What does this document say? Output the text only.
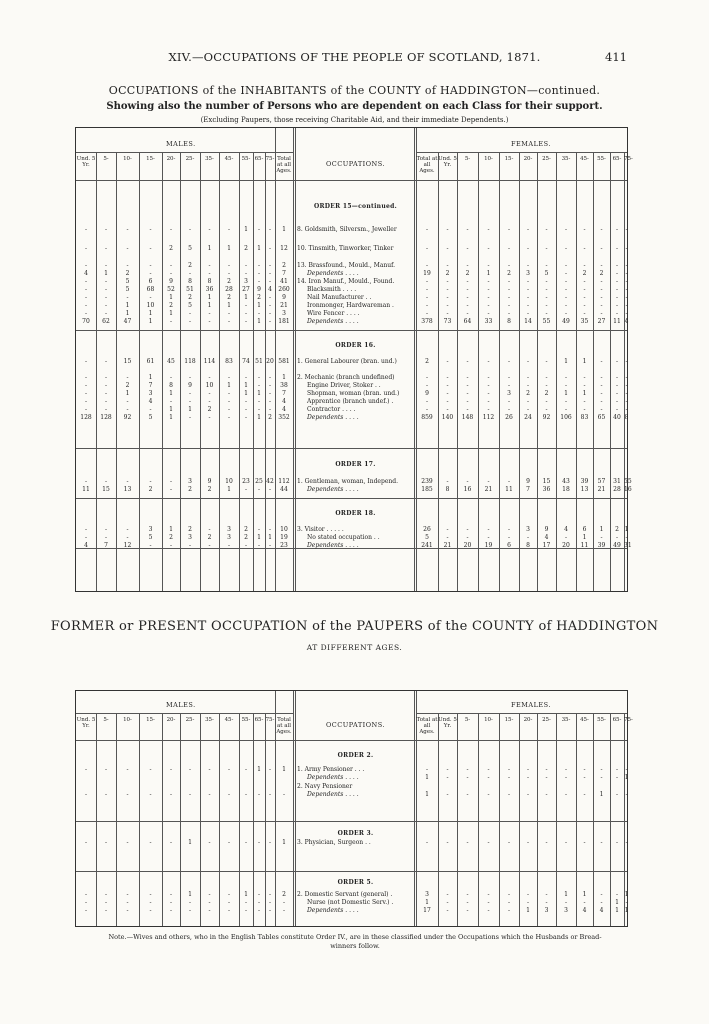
XIV.—OCCUPATIONS OF THE PEOPLE OF SCOTLAND, 1871.	411
OCCUPATIONS of the INHABITANTS of the COUNTY of HADDINGTON—continued.
Showing also the number of Persons who are dependent on each Class for their support.
(Excluding Paupers, those receiving Charitable Aid, and their immediate Dependents.)
MALES.	FEMALES.
OCCUPATIONS.
Und. 5 Yr.
5-	10-	15-	20-	25-	35-	45-	55- 65- 75- Total at all Ages.
Total at all Ages.
Und. 5 Yr.
5-	10-	15-	20-	25-	35-	45-	55-	65- 75-
ORDER 15—continued.
ORDER 16.
ORDER 17.
ORDER 18.
-	-	-	-	-	-	-	-	1	-	-	1	8. Goldsmith, Silversm., Jeweller	-	-	-	-	-	-	-	-	-	-	-	-
-	-	-	-	2	5	1	1	2	1	-	12	10. Tinsmith, Tinworker, Tinker	-	-	-	-	-	-	-	-	-	-	-	-
-	-	-	-	-	2	-	-	-	-	-	2	13. Brassfound., Mould., Manuf.	-	-	-	-	-	-	-	-	-	-	-	-
4	1	2	-	-	-	-	-	-	-	-	7	Dependents . . . .	19	2	2	1	2	3	5	-	2	2	-	-
-	-	5	6	9	8	8	2	3	-	-	41	14. Iron Manuf., Mould., Found.	-	-	-	-	-	-	-	-	-	-	-	-
-	-	5	68	52	51	36	28	27	9	4	260	Blacksmith . . . .	-	-	-	-	-	-	-	-	-	-	-	-
-	-	-	-	1	2	1	2	1	2	-	9	Nail Manufacturer . .	-	-	-	-	-	-	-	-	-	-	-	-
-	-	1	10	2	5	1	1	-	1	-	21	Ironmonger, Hardwareman .	-	-	-	-	-	-	-	-	-	-	-	-
-	-	1	1	1	-	-	-	-	-	-	3	Wire Fencer . . . .	-	-	-	-	-	-	-	-	-	-	-	-
70	62	47	1	-	-	-	-	-	1	-	181	Dependents . . . .	378	73	64	33	8	14	55	49	35	27	11 4
-	-	15	61	45	118	114	83	74 51 20 581	1. General Labourer (bran. und.)	2	-	-	-	-	-	-	1	1	-	-	-
-	-	-	1	-	-	-	-	-	-	-	1	2. Mechanic (branch undefined)	-	-	-	-	-	-	-	-	-	-	-	-
-	-	2	7	8	9	10	1	1	-	-	38	Engine Driver, Stoker . .	-	-	-	-	-	-	-	-	-	-	-	-
-	-	1	3	1	-	-	-	1	1	-	7	Shopman, woman (bran. und.)	9	-	-	-	3	2	2	1	1	-	-	-
-	-	-	4	-	-	-	-	-	-	-	4	Apprentice (branch undef.) .	-	-	-	-	-	-	-	-	-	-	-	-
-	-	-	-	1	1	2	-	-	-	-	4	Contractor . . . .	-	-	-	-	-	-	-	-	-	-	-	-
128	128	92	5	1	-	-	-	-	1	2	352	Dependents . . . .	859	140	148	112	26	24	92	106	83	65	40 8
-	-	-	-	-	3	9	10	23 25 42 112	1. Gentleman, woman, Independ.	239	-	-	-	-	9	15	43	39	57	31 55
11	15	13	2	-	2	2	1	-	-	-	44	Dependents . . . .	185	8	16	21	11	7	36	18	13	21	28 16
-	-	-	3	1	2	-	3	2	-	-	10	3. Visitor . . . . .	26	-	-	-	-	3	9	4	6	1	2 1
-	-	-	5	2	3	2	3	2	1	1	19	No stated occupation . .	5	-	-	-	-	-	4	-	1	-	-	-
4	7	12	-	-	-	-	-	-	-	-	23	Dependents . . . .	241	21	20	19	6	8	17	20	11	39	49 31
FORMER or PRESENT OCCUPATION of the PAUPERS of the COUNTY of HADDINGTON
AT DIFFERENT AGES.
MALES.	FEMALES.
OCCUPATIONS.
Und. 5 Yr.
5-	10-	15-	20-	25-	35-	45-	55- 65- 75- Total at all Ages.
Total at all Ages.
Und. 5 Yr.
5-	10-	15-	20-	25-	35-	45-	55-	65- 75-
ORDER 2.
ORDER 3.
ORDER 5.
-	-	-	-	-	-	-	-	-	1	-	1	1. Army Pensioner . . .	-	-	-	-	-	-	-	-	-	-	-	-
Dependents . . . .	1	-	-	-	-	-	-	-	-	-	-	1
2. Navy Pensioner
-	-	-	-	-	-	-	-	-	-	-	-	Dependents . . . .	1	-	-	-	-	-	-	-	-	1	-	-
-	-	-	-	-	1	-	-	-	-	-	1	3. Physician, Surgeon . .	-	-	-	-	-	-	-	-	-	-	-	-
-	-	-	-	-	1	-	-	1	-	-	2	2. Domestic Servant (general) .	3	-	-	-	-	-	-	1	1	-	-	1
-	-	-	-	-	-	-	-	-	-	-	-	Nurse (not Domestic Serv.) .	1	-	-	-	-	-	-	-	-	-	1	-
-	-	-	-	-	-	-	-	-	-	-	-	Dependents . . . .	17	-	-	-	-	1	3	3	4	4	1 1
Note.—Wives and others, who in the English Tables constitute Order IV., are in these classified under the Occupations which the Husbands or Bread-winners follow.
